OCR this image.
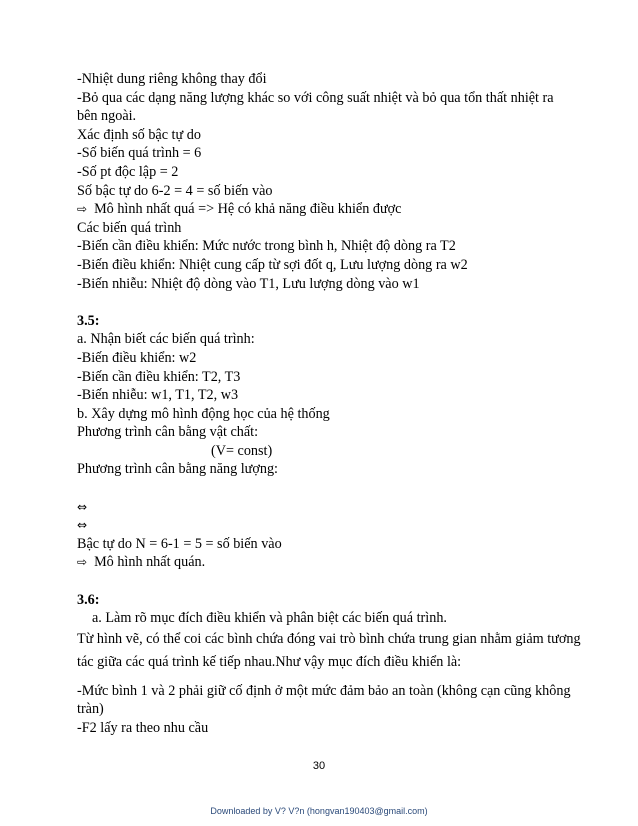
-Nhiệt dung riêng không thay đổi
-Bỏ qua các dạng năng lượng khác so với công suất nhiệt và bỏ qua tổn thất nhiệt ra bên ngoài.
Xác định số bậc tự do
-Số biến quá trình = 6
-Số pt độc lập = 2
Số bậc tự do 6-2 = 4 = số biến vào
⇨ Mô hình nhất quá => Hệ có khả năng điều khiển được
Các biến quá trình
-Biến cần điều khiển: Mức nước trong bình h, Nhiệt độ dòng ra T2
-Biến điều khiển: Nhiệt cung cấp từ sợi đốt q, Lưu lượng dòng ra w2
-Biến nhiễu: Nhiệt độ dòng vào T1, Lưu lượng dòng vào w1
3.5:
a. Nhận biết các biến quá trình:
-Biến điều khiển: w2
-Biến cần điều khiển: T2, T3
-Biến nhiễu: w1, T1, T2, w3
b. Xây dựng mô hình động học của hệ thống
Phương trình cân bằng vật chất:
(V= const)
Phương trình cân bằng năng lượng:
⇔
⇔
Bậc tự do N = 6-1 = 5 = số biến vào
⇨ Mô hình nhất quán.
3.6:
a. Làm rõ mục đích điều khiển và phân biệt các biến quá trình.
Từ hình vẽ, có thể coi các bình chứa đóng vai trò bình chứa trung gian nhằm giảm tương
tác giữa các quá trình kế tiếp nhau.Như vậy mục đích điều khiển là:
-Mức bình 1 và 2 phải giữ cố định ở một mức đảm bảo an toàn (không cạn cũng không tràn)
-F2 lấy ra theo nhu cầu
30
Downloaded by V? V?n (hongvan190403@gmail.com)
